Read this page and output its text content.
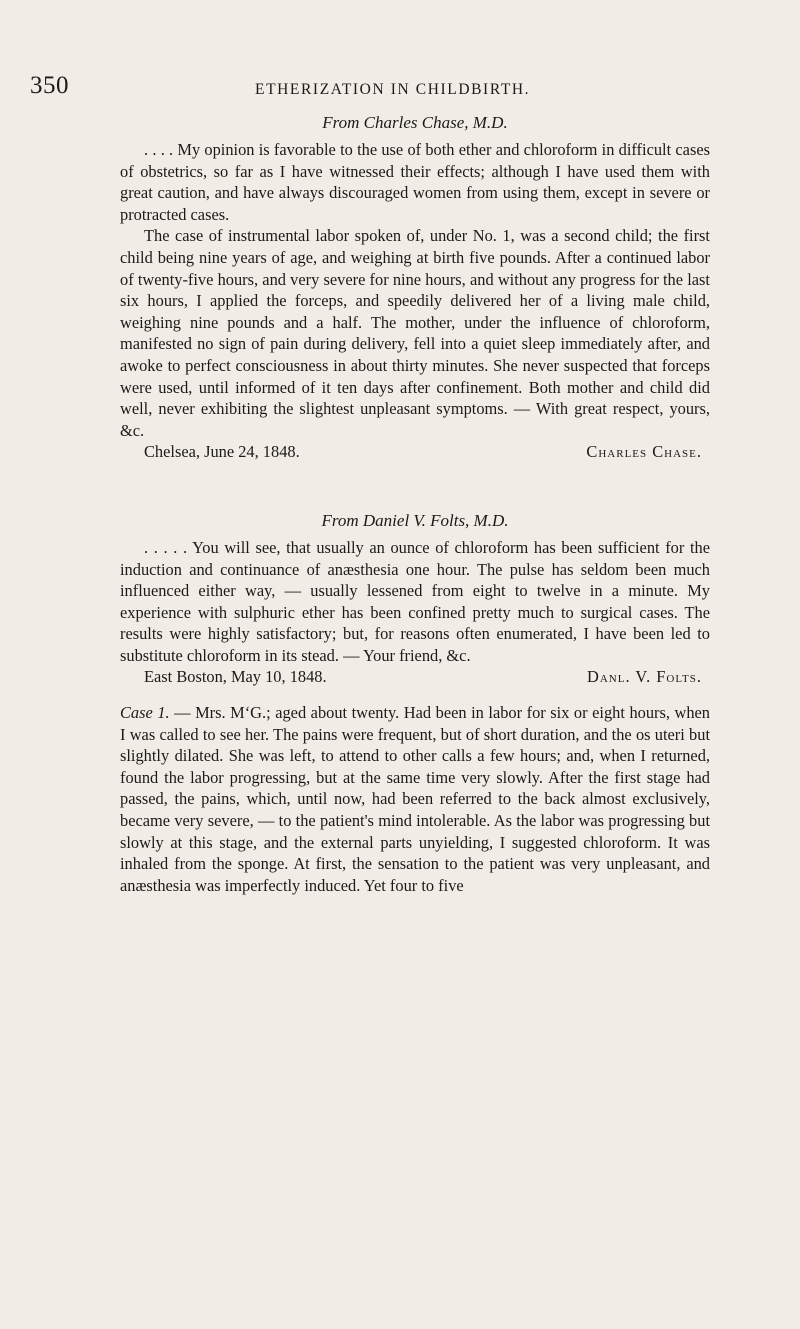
350	ETHERIZATION IN CHILDBIRTH.
From Charles Chase, M.D.

. . . . My opinion is favorable to the use of both ether and chloroform in difficult cases of obstetrics, so far as I have witnessed their effects; although I have used them with great caution, and have always discouraged women from using them, except in severe or protracted cases.

The case of instrumental labor spoken of, under No. 1, was a second child; the first child being nine years of age, and weighing at birth five pounds. After a continued labor of twenty-five hours, and very severe for nine hours, and without any progress for the last six hours, I applied the forceps, and speedily delivered her of a living male child, weighing nine pounds and a half. The mother, under the influence of chloroform, manifested no sign of pain during delivery, fell into a quiet sleep immediately after, and awoke to perfect consciousness in about thirty minutes. She never suspected that forceps were used, until informed of it ten days after confinement. Both mother and child did well, never exhibiting the slightest unpleasant symptoms. — With great respect, yours, &c.

Chelsea, June 24, 1848.	Charles Chase.
From Daniel V. Folts, M.D.

. . . . . You will see, that usually an ounce of chloroform has been sufficient for the induction and continuance of anæsthesia one hour. The pulse has seldom been much influenced either way, — usually lessened from eight to twelve in a minute. My experience with sulphuric ether has been confined pretty much to surgical cases. The results were highly satisfactory; but, for reasons often enumerated, I have been led to substitute chloroform in its stead. — Your friend, &c.

East Boston, May 10, 1848.	Danl. V. Folts.

Case 1. — Mrs. M‘G.; aged about twenty. Had been in labor for six or eight hours, when I was called to see her. The pains were frequent, but of short duration, and the os uteri but slightly dilated. She was left, to attend to other calls a few hours; and, when I returned, found the labor progressing, but at the same time very slowly. After the first stage had passed, the pains, which, until now, had been referred to the back almost exclusively, became very severe, — to the patient's mind intolerable. As the labor was progressing but slowly at this stage, and the external parts unyielding, I suggested chloroform. It was inhaled from the sponge. At first, the sensation to the patient was very unpleasant, and anæsthesia was imperfectly induced. Yet four to five
